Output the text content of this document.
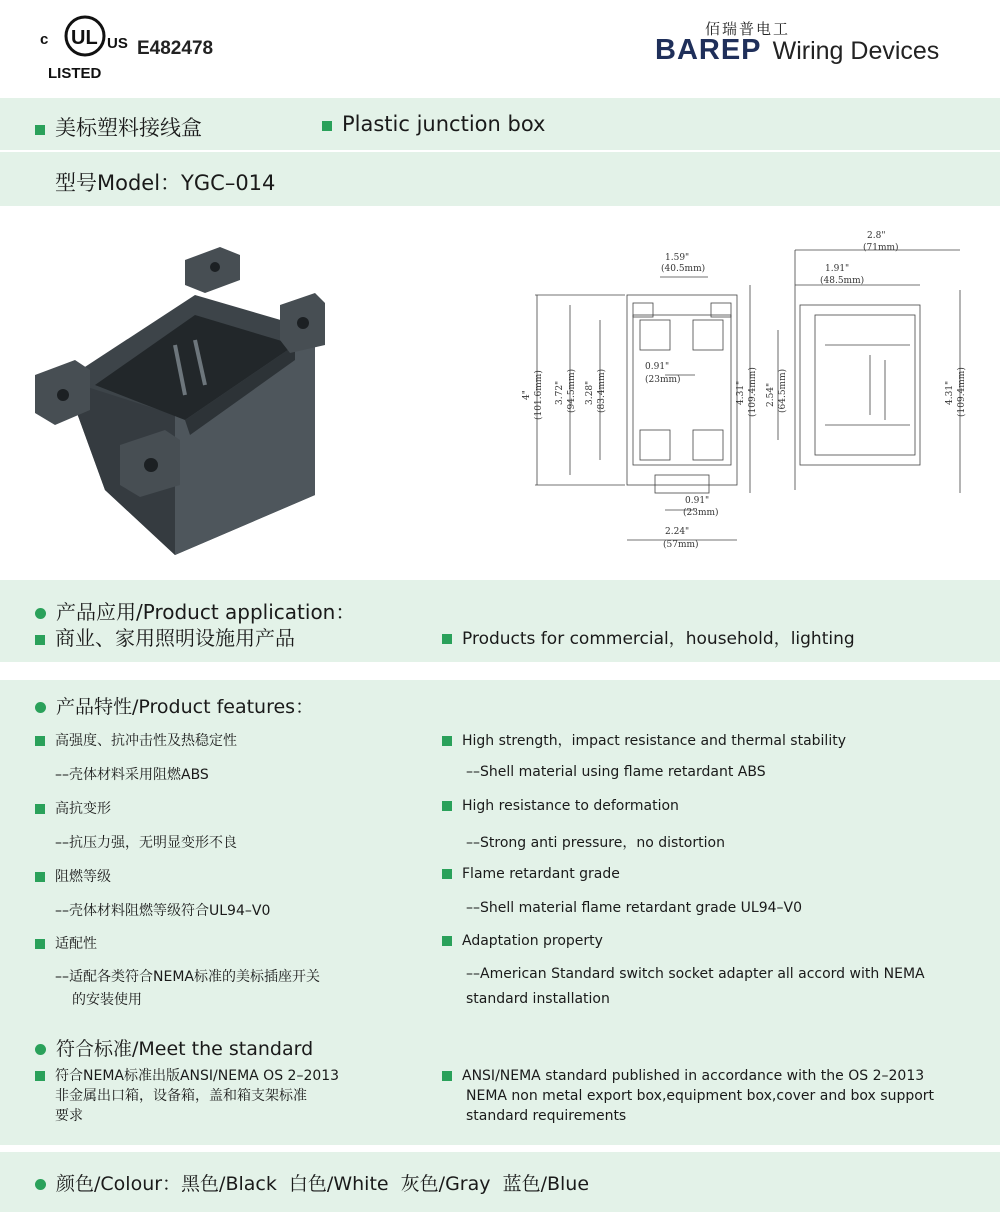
c UL US
LISTED
E482478
佰瑞普电工
BAREP Wiring Devices
美标塑料接线盒	Plastic junction box
型号Model：YGC–014
1.59"
(40.5mm)
0.91"
(23mm)
0.91"
(23mm)
2.24"
(57mm)
4" (101.6mm) 3.72" (94.5mm) 3.28" (83.4mm)	4.31" (109.4mm)
2.8"
(71mm)
1.91"
(48.5mm)
2.54" (64.5mm)	4.31" (109.4mm)
产品应用/Product application：
商业、家用照明设施用产品	Products for commercial，household，lighting
产品特性/Product features：
高强度、抗冲击性及热稳定性
––壳体材料采用阻燃ABS
High strength，impact resistance and thermal stability
––Shell material using flame retardant ABS
高抗变形
––抗压力强，无明显变形不良
High resistance to deformation
––Strong anti pressure，no distortion
阻燃等级
––壳体材料阻燃等级符合UL94–V0
Flame retardant grade
––Shell material flame retardant grade UL94–V0
适配性
––适配各类符合NEMA标准的美标插座开关
的安装使用
Adaptation property
––American Standard switch socket adapter all accord with NEMA
standard installation
符合标准/Meet the standard
符合NEMA标准出版ANSI/NEMA OS 2–2013
非金属出口箱，设备箱，盖和箱支架标准
要求
ANSI/NEMA standard published in accordance with the OS 2–2013
NEMA non metal export box,equipment box,cover and box support
standard requirements
颜色/Colour：黑色/Black  白色/White  灰色/Gray  蓝色/Blue
